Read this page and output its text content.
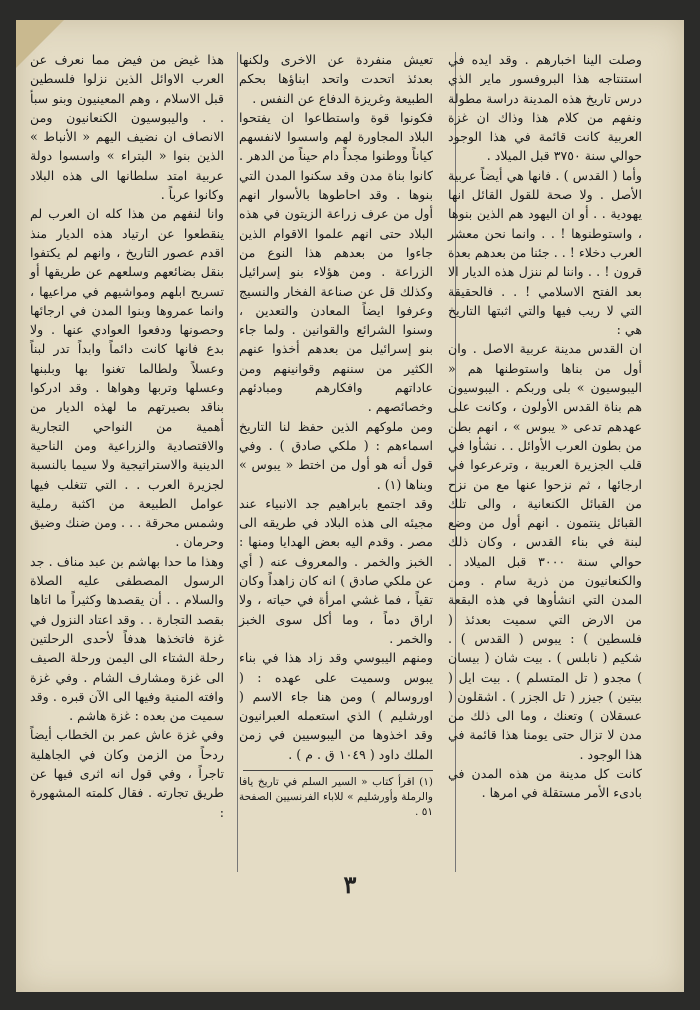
وصلت الينا اخبارهم . وقد ايده في استنتاجه هذا البروفسور ماير الذي درس تاريخ هذه المدينة دراسة مطولة ونفهم من كلام هذا وذاك ان غزة العربية كانت قائمة في هذا الوجود حوالي سنة ٣٧٥٠ قبل الميلاد .

وأما ( القدس ) . فانها هي أيضاً عربية الأصل . ولا صحة للقول القائل انها يهودية . . أو ان اليهود هم الذين بنوها ، واستوطنوها ! . . وانما نحن معشر العرب دخلاء ! . . جئنا من بعدهم بعدة قرون ! . . واننا لم ننزل هذه الديار الا بعد الفتح الاسلامي ! . . فالحقيقة التي لا ريب فيها والتي اثبتها التاريخ هي :

ان القدس مدينة عربية الاصل . وان أول من بناها واستوطنها هم « اليبوسيون » بلى وربكم . اليبوسيون هم بناة القدس الأولون ، وكانت على عهدهم تدعى « يبوس » ، انهم بطن من بطون العرب الأوائل . . نشأوا في قلب الجزيرة العربية ، وترعرعوا في ارجائها ، ثم نزحوا عنها مع من نزح من القبائل الكنعانية ، والى تلك القبائل ينتمون . انهم أول من وضع لبنة في بناء القدس ، وكان ذلك حوالي سنة ٣٠٠٠ قبل الميلاد . والكنعانيون من ذرية سام . ومن المدن التي انشأوها في هذه البقعة من الارض التي سميت بعدئذ ( فلسطين ) : يبوس ( القدس ) . شكيم ( نابلس ) . بيت شان ( بيسان ) مجدو ( تل المتسلم ) . بيت ايل ( بيتين ) جيزر ( تل الجزر ) . اشقلون ( عسقلان ) وتعنك ، وما الى ذلك من مدن لا تزال حتى يومنا هذا قائمة في هذا الوجود .

كانت كل مدينة من هذه المدن في بادىء الأمر مستقلة في امرها .

تعيش منفردة عن الاخرى ولكنها بعدئذ اتحدت واتحد ابناؤها بحكم الطبيعة وغريزة الدفاع عن النفس .

فكونوا قوة واستطاعوا ان يفتحوا البلاد المجاورة لهم واسسوا لانفسهم كياناً ووطنوا مجداً دام حيناً من الدهر .

كانوا بناة مدن وقد سكنوا المدن التي بنوها . وقد احاطوها بالأسوار انهم أول من عرف زراعة الزيتون في هذه البلاد حتى انهم علموا الاقوام الذين جاءوا من بعدهم هذا النوع من الزراعة . ومن هؤلاء بنو إسرائيل وكذلك قل عن صناعة الفخار والنسيج وعرفوا ايضاً المعادن والتعدين ، وسنوا الشرائع والقوانين . ولما جاء بنو إسرائيل من بعدهم أخذوا عنهم الكثير من سننهم وقوانينهم ومن عاداتهم وافكارهم ومبادئهم وخصائصهم .

ومن ملوكهم الذين حفظ لنا التاريخ اسماءهم : ( ملكي صادق ) . وفي قول أنه هو أول من اختط « يبوس » وبناها (١) .

وقد اجتمع بابراهيم جد الانبياء عند مجيئه الى هذه البلاد في طريقه الى مصر . وقدم اليه بعض الهدايا ومنها : الخبز والخمر . والمعروف عنه ( أي عن ملكي صادق ) انه كان زاهداً وكان تقياً ، فما غشي امرأة في حياته ، ولا اراق دماً ، وما أكل سوى الخبز والخمر .

ومنهم اليبوسي وقد زاد هذا في بناء يبوس وسميت على عهده : ( اوروسالم ) ومن هنا جاء الاسم ( اورشليم ) الذي استعمله العبرانيون وقد اخذوها من اليبوسيين في زمن الملك داود ( ١٠٤٩ ق . م ) .

(١) اقرأ كتاب « السير السلم في تاريخ يافا والرملة وأورشليم » للاباء الفرنسيين الصفحة ٥١ .

هذا غيض من فيض مما نعرف عن العرب الاوائل الذين نزلوا فلسطين قبل الاسلام ، وهم المعينيون وبنو سبأ . . واليبوسيون الكنعانيون ومن الانصاف ان نضيف اليهم « الأنباط » الذين بنوا « البتراء » واسسوا دولة عربية امتد سلطانها الى هذه البلاد وكانوا عرباً .

وانا لنفهم من هذا كله ان العرب لم ينقطعوا عن ارتياد هذه الديار منذ اقدم عصور التاريخ ، وانهم لم يكتفوا بنقل بضائعهم وسلعهم عن طريقها أو تسريح ابلهم ومواشيهم في مراعيها ، وانما عمروها وبنوا المدن في ارجائها وحصونها ودفعوا العوادي عنها . ولا بدع فانها كانت دائماً وابداً تدر لبناً وعسلاً ولطالما تغنوا بها وبلبنها وعسلها وتربها وهواها . وقد ادركوا بناقد بصيرتهم ما لهذه الديار من أهمية من النواحي التجارية والاقتصادية والزراعية ومن الناحية الدينية والاستراتيجية ولا سيما بالنسبة لجزيرة العرب . . التي تتغلب فيها عوامل الطبيعة من اكثبة رملية وشمس محرقة . . . ومن ضنك وضيق وحرمان .

وهذا ما حدا بهاشم بن عبد مناف . جد الرسول المصطفى عليه الصلاة والسلام . . أن يقصدها وكثيراً ما اتاها بقصد التجارة . . وقد اعتاد النزول في غزة فاتخذها هدفاً لأحدى الرحلتين رحلة الشتاء الى اليمن ورحلة الصيف الى غزة ومشارف الشام . وفي غزة وافته المنية وفيها الى الآن قبره . وقد سميت من بعده : غزة هاشم .

وفي غزة عاش عمر بن الخطاب أيضاً ردحاً من الزمن وكان في الجاهلية تاجراً ، وفي قول انه اثرى فيها عن طريق تجارته . فقال كلمته المشهورة :

٣
